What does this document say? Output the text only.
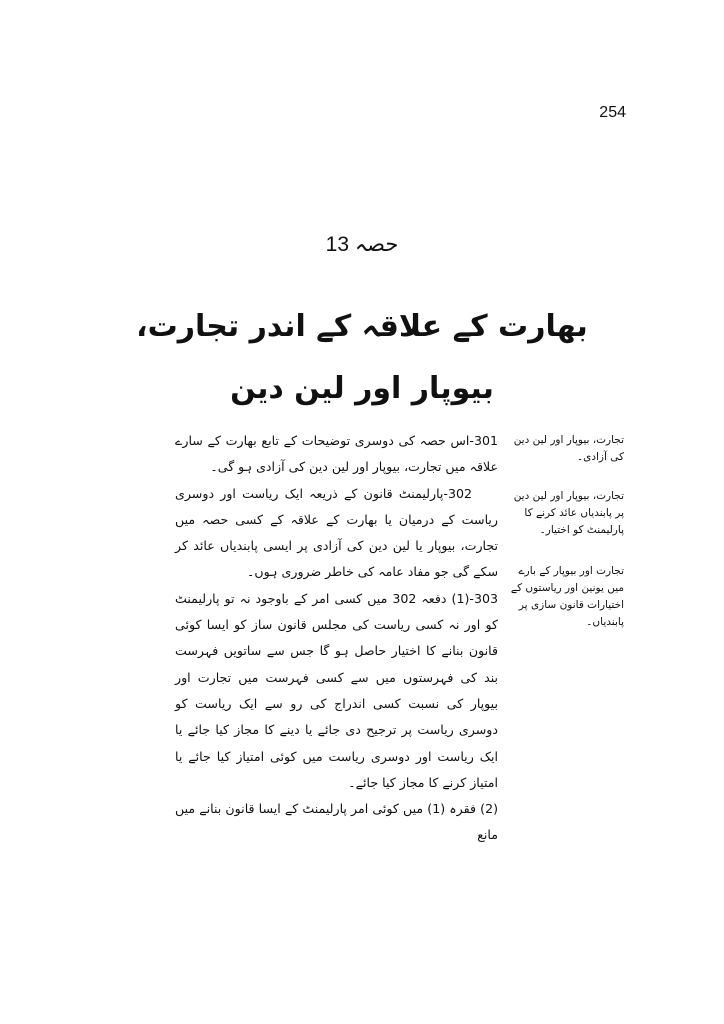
254
حصہ 13
بھارت کے علاقہ کے اندر تجارت،
بیوپار اور لین دین

301-اس حصہ کی دوسری توضیحات کے تابع بھارت کے سارے علاقہ میں تجارت، بیوپار اور لین دین کی آزادی ہو گی۔

302-پارلیمنٹ قانون کے ذریعہ ایک ریاست اور دوسری ریاست کے درمیان یا بھارت کے علاقہ کے کسی حصہ میں تجارت، بیوپار یا لین دین کی آزادی پر ایسی پابندیاں عائد کر سکے گی جو مفاد عامہ کی خاطر ضروری ہوں۔

303-(1) دفعہ 302 میں کسی امر کے باوجود نہ تو پارلیمنٹ کو اور نہ کسی ریاست کی مجلس قانون ساز کو ایسا کوئی قانون بنانے کا اختیار حاصل ہو گا جس سے ساتویں فہرست بند کی فہرستوں میں سے کسی فہرست میں تجارت اور بیوپار کی نسبت کسی اندراج کی رو سے ایک ریاست کو دوسری ریاست پر ترجیح دی جائے یا دینے کا مجاز کیا جائے یا ایک ریاست اور دوسری ریاست میں کوئی امتیاز کیا جائے یا امتیاز کرنے کا مجاز کیا جائے۔

(2) فقرہ (1) میں کوئی امر پارلیمنٹ کے ایسا قانون بنانے میں مانع

تجارت، بیوپار اور لین دین کی آزادی۔

تجارت، بیوپار اور لین دین پر پابندیاں عائد کرنے کا پارلیمنٹ کو اختیار۔

تجارت اور بیوپار کے بارے میں یونین اور ریاستوں کے اختیارات قانون سازی پر پابندیاں۔
